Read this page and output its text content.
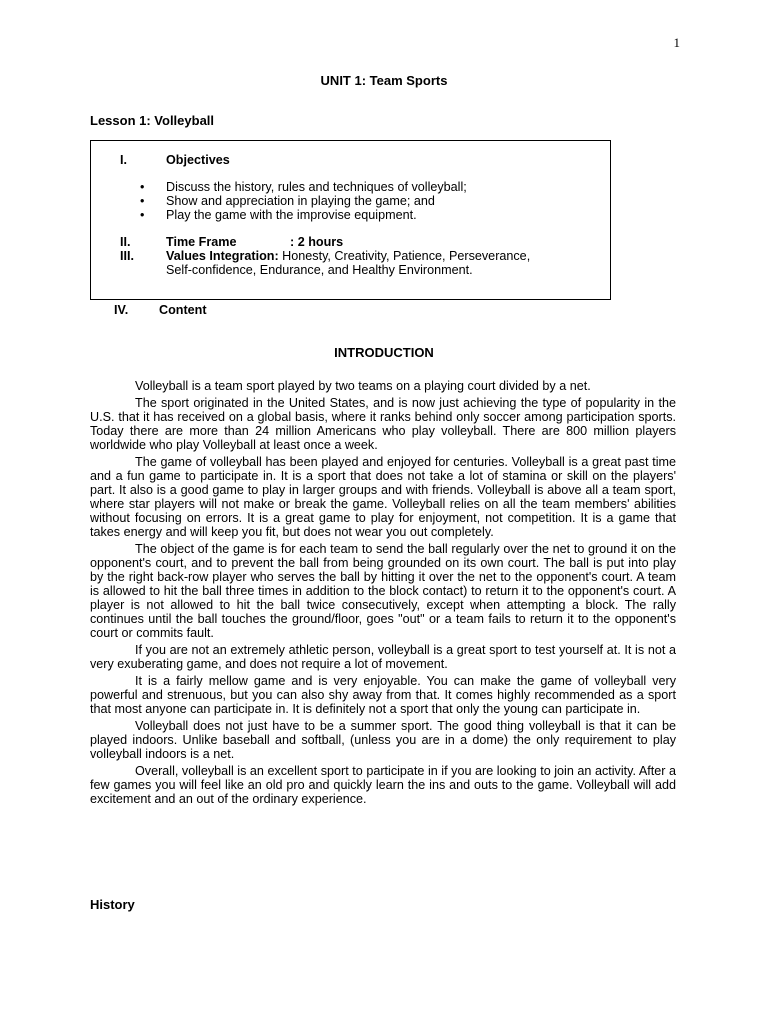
1
UNIT 1: Team Sports
Lesson 1: Volleyball
I.	Objectives
• Discuss the history, rules and techniques of volleyball;
• Show and appreciation in playing the game; and
• Play the game with the improvise equipment.
II.	Time Frame	: 2 hours
III.	Values Integration: Honesty, Creativity, Patience, Perseverance,
Self-confidence, Endurance, and Healthy Environment.
IV. Content
INTRODUCTION

Volleyball is a team sport played by two teams on a playing court divided by a net.

The sport originated in the United States, and is now just achieving the type of popularity in the U.S. that it has received on a global basis, where it ranks behind only soccer among participation sports. Today there are more than 24 million Americans who play volleyball. There are 800 million players worldwide who play Volleyball at least once a week.

The game of volleyball has been played and enjoyed for centuries. Volleyball is a great past time and a fun game to participate in. It is a sport that does not take a lot of stamina or skill on the players' part. It also is a good game to play in larger groups and with friends. Volleyball is above all a team sport, where star players will not make or break the game. Volleyball relies on all the team members' abilities without focusing on errors. It is a great game to play for enjoyment, not competition. It is a game that takes energy and will keep you fit, but does not wear you out completely.

The object of the game is for each team to send the ball regularly over the net to ground it on the opponent's court, and to prevent the ball from being grounded on its own court. The ball is put into play by the right back-row player who serves the ball by hitting it over the net to the opponent's court. A team is allowed to hit the ball three times in addition to the block contact) to return it to the opponent's court. A player is not allowed to hit the ball twice consecutively, except when attempting a block. The rally continues until the ball touches the ground/floor, goes "out" or a team fails to return it to the opponent's court or commits fault.

If you are not an extremely athletic person, volleyball is a great sport to test yourself at. It is not a very exuberating game, and does not require a lot of movement.

It is a fairly mellow game and is very enjoyable. You can make the game of volleyball very powerful and strenuous, but you can also shy away from that. It comes highly recommended as a sport that most anyone can participate in. It is definitely not a sport that only the young can participate in.

Volleyball does not just have to be a summer sport. The good thing volleyball is that it can be played indoors. Unlike baseball and softball, (unless you are in a dome) the only requirement to play volleyball indoors is a net.

Overall, volleyball is an excellent sport to participate in if you are looking to join an activity. After a few games you will feel like an old pro and quickly learn the ins and outs to the game. Volleyball will add excitement and an out of the ordinary experience.

History
